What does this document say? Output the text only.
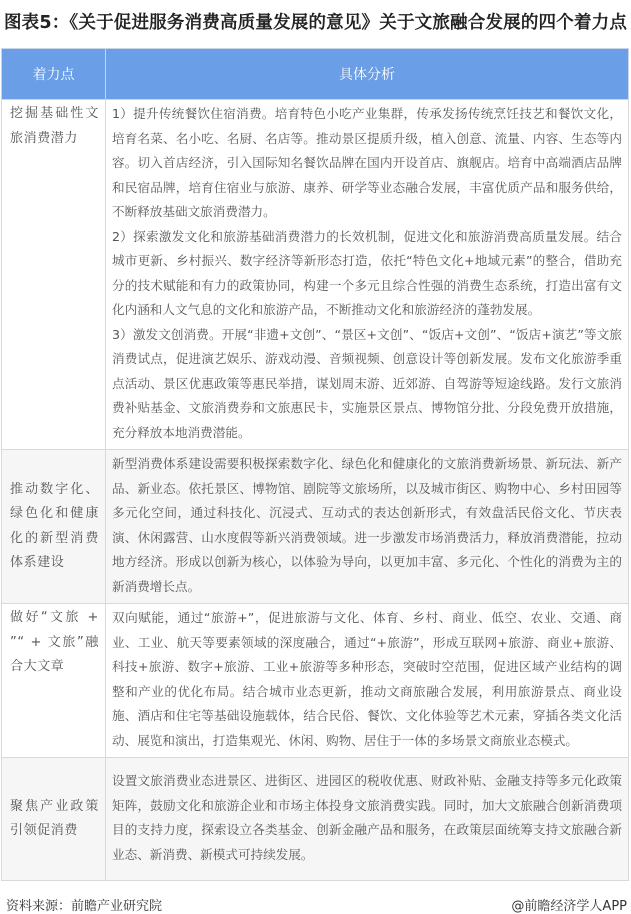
图表5：《关于促进服务消费高质量发展的意见》关于文旅融合发展的四个着力点
着力点	具体分析
挖掘基础性文旅消费潜力	1）提升传统餐饮住宿消费。培育特色小吃产业集群，传承发扬传统烹饪技艺和餐饮文化，培育名菜、名小吃、名厨、名店等。推动景区提质升级，植入创意、流量、内容、生态等内容。切入首店经济，引入国际知名餐饮品牌在国内开设首店、旗舰店。培育中高端酒店品牌和民宿品牌，培育住宿业与旅游、康养、研学等业态融合发展，丰富优质产品和服务供给，不断释放基础文旅消费潜力。

2）探索激发文化和旅游基础消费潜力的长效机制，促进文化和旅游消费高质量发展。结合城市更新、乡村振兴、数字经济等新形态打造，依托“特色文化+地域元素”的整合，借助充分的技术赋能和有力的政策协同，构建一个多元且综合性强的消费生态系统，打造出富有文化内涵和人文气息的文化和旅游产品，不断推动文化和旅游经济的蓬勃发展。

3）激发文创消费。开展“非遗+文创”、“景区+文创”、“饭店+文创”、“饭店+演艺”等文旅消费试点，促进演艺娱乐、游戏动漫、音频视频、创意设计等创新发展。发布文化旅游季重点活动、景区优惠政策等惠民举措，谋划周末游、近郊游、自驾游等短途线路。发行文旅消费补贴基金、文旅消费券和文旅惠民卡，实施景区景点、博物馆分批、分段免费开放措施，充分释放本地消费潜能。

推动数字化、绿色化和健康化的新型消费体系建设	新型消费体系建设需要积极探索数字化、绿色化和健康化的文旅消费新场景、新玩法、新产品、新业态。依托景区、博物馆、剧院等文旅场所，以及城市街区、购物中心、乡村田园等多元化空间，通过科技化、沉浸式、互动式的表达创新形式，有效盘活民俗文化、节庆表演、休闲露营、山水度假等新兴消费领域。进一步激发市场消费活力，释放消费潜能，拉动地方经济。形成以创新为核心，以体验为导向，以更加丰富、多元化、个性化的消费为主的新消费增长点。

做好“文旅 + ”“ + 文旅”融合大文章	双向赋能，通过“旅游+”，促进旅游与文化、体育、乡村、商业、低空、农业、交通、商业、工业、航天等要素领域的深度融合，通过“+旅游”，形成互联网+旅游、商业+旅游、科技+旅游、数字+旅游、工业+旅游等多种形态，突破时空范围，促进区域产业结构的调整和产业的优化布局。结合城市业态更新，推动文商旅融合发展，利用旅游景点、商业设施、酒店和住宅等基础设施载体，结合民俗、餐饮、文化体验等艺术元素，穿插各类文化活动、展览和演出，打造集观光、休闲、购物、居住于一体的多场景文商旅业态模式。

聚焦产业政策引领促消费	设置文旅消费业态进景区、进街区、进园区的税收优惠、财政补贴、金融支持等多元化政策矩阵，鼓励文化和旅游企业和市场主体投身文旅消费实践。同时，加大文旅融合创新消费项目的支持力度，探索设立各类基金、创新金融产品和服务，在政策层面统筹支持文旅融合新业态、新消费、新模式可持续发展。

资料来源：前瞻产业研究院	@前瞻经济学人APP
